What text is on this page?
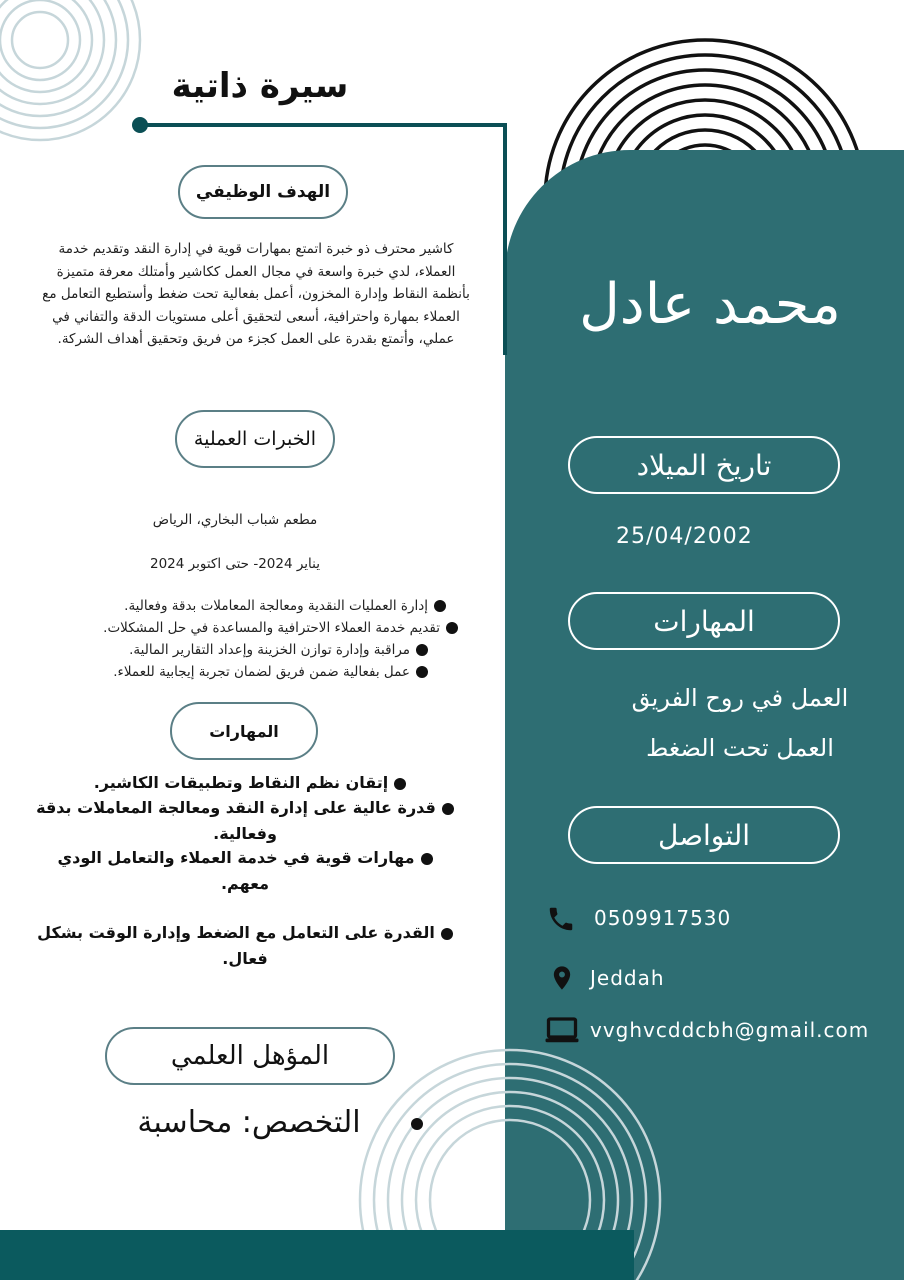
سيرة ذاتية
محمد عادل
الهدف الوظيفي
كاشير محترف ذو خبرة اتمتع بمهارات قوية في إدارة النقد وتقديم خدمة العملاء، لدي خبرة واسعة في مجال العمل ككاشير وأمتلك معرفة متميزة بأنظمة النقاط وإدارة المخزون، أعمل بفعالية تحت ضغط وأستطيع التعامل مع العملاء بمهارة واحترافية، أسعى لتحقيق أعلى مستويات الدقة والتفاني في عملي، وأتمتع بقدرة على العمل كجزء من فريق وتحقيق أهداف الشركة.
الخبرات العملية
مطعم شباب البخاري، الرياض
يناير 2024- حتى اكتوبر 2024
إدارة العمليات النقدية ومعالجة المعاملات بدقة وفعالية.
تقديم خدمة العملاء الاحترافية والمساعدة في حل المشكلات.
مراقبة وإدارة توازن الخزينة وإعداد التقارير المالية.
عمل بفعالية ضمن فريق لضمان تجربة إيجابية للعملاء.
المهارات
إتقان نظم النقاط وتطبيقات الكاشير.
قدرة عالية على إدارة النقد ومعالجة المعاملات بدقة وفعالية.
مهارات قوية في خدمة العملاء والتعامل الودي معهم.
القدرة على التعامل مع الضغط وإدارة الوقت بشكل فعال.
المؤهل العلمي
التخصص: محاسبة
تاريخ الميلاد
25/04/2002
المهارات
العمل في روح الفريق
العمل تحت الضغط
التواصل
0509917530
Jeddah
vvghvcddcbh@gmail.com
